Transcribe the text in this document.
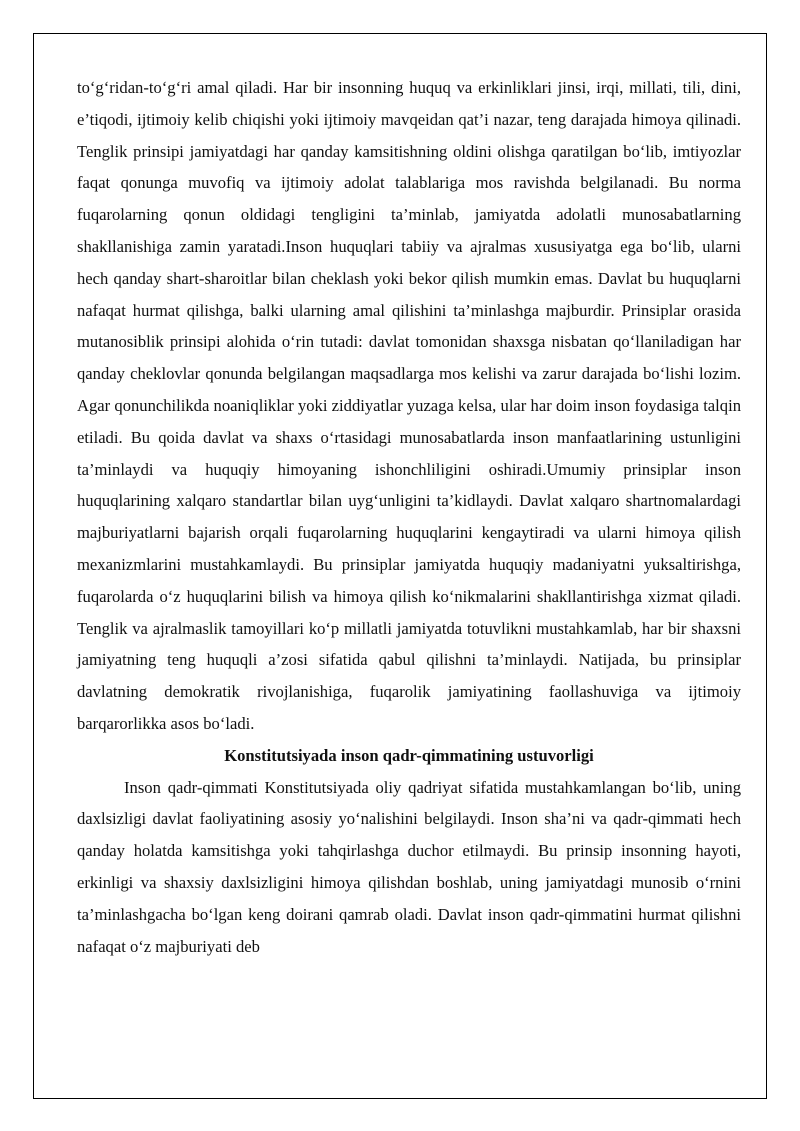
to‘g‘ridan-to‘g‘ri amal qiladi. Har bir insonning huquq va erkinliklari jinsi, irqi, millati, tili, dini, e’tiqodi, ijtimoiy kelib chiqishi yoki ijtimoiy mavqeidan qat’i nazar, teng darajada himoya qilinadi. Tenglik prinsipi jamiyatdagi har qanday kamsitishning oldini olishga qaratilgan bo‘lib, imtiyozlar faqat qonunga muvofiq va ijtimoiy adolat talablariga mos ravishda belgilanadi. Bu norma fuqarolarning qonun oldidagi tengligini ta’minlab, jamiyatda adolatli munosabatlarning shakllanishiga zamin yaratadi.Inson huquqlari tabiiy va ajralmas xususiyatga ega bo‘lib, ularni hech qanday shart-sharoitlar bilan cheklash yoki bekor qilish mumkin emas. Davlat bu huquqlarni nafaqat hurmat qilishga, balki ularning amal qilishini ta’minlashga majburdir. Prinsiplar orasida mutanosiblik prinsipi alohida o‘rin tutadi: davlat tomonidan shaxsga nisbatan qo‘llaniladigan har qanday cheklovlar qonunda belgilangan maqsadlarga mos kelishi va zarur darajada bo‘lishi lozim. Agar qonunchilikda noaniqliklar yoki ziddiyatlar yuzaga kelsa, ular har doim inson foydasiga talqin etiladi. Bu qoida davlat va shaxs o‘rtasidagi munosabatlarda inson manfaatlarining ustunligini ta’minlaydi va huquqiy himoyaning ishonchliligini oshiradi.Umumiy prinsiplar inson huquqlarining xalqaro standartlar bilan uyg‘unligini ta’kidlaydi. Davlat xalqaro shartnomalardagi majburiyatlarni bajarish orqali fuqarolarning huquqlarini kengaytiradi va ularni himoya qilish mexanizmlarini mustahkamlaydi. Bu prinsiplar jamiyatda huquqiy madaniyatni yuksaltirishga, fuqarolarda o‘z huquqlarini bilish va himoya qilish ko‘nikmalarini shakllantirishga xizmat qiladi. Tenglik va ajralmaslik tamoyillari ko‘p millatli jamiyatda totuvlikni mustahkamlab, har bir shaxsni jamiyatning teng huquqli a’zosi sifatida qabul qilishni ta’minlaydi. Natijada, bu prinsiplar davlatning demokratik rivojlanishiga, fuqarolik jamiyatining faollashuviga va ijtimoiy barqarorlikka asos bo‘ladi.

Konstitutsiyada inson qadr-qimmatining ustuvorligi

Inson qadr-qimmati Konstitutsiyada oliy qadriyat sifatida mustahkamlangan bo‘lib, uning daxlsizligi davlat faoliyatining asosiy yo‘nalishini belgilaydi. Inson sha’ni va qadr-qimmati hech qanday holatda kamsitishga yoki tahqirlashga duchor etilmaydi. Bu prinsip insonning hayoti, erkinligi va shaxsiy daxlsizligini himoya qilishdan boshlab, uning jamiyatdagi munosib o‘rnini ta’minlashgacha bo‘lgan keng doirani qamrab oladi. Davlat inson qadr-qimmatini hurmat qilishni nafaqat o‘z majburiyati deb
